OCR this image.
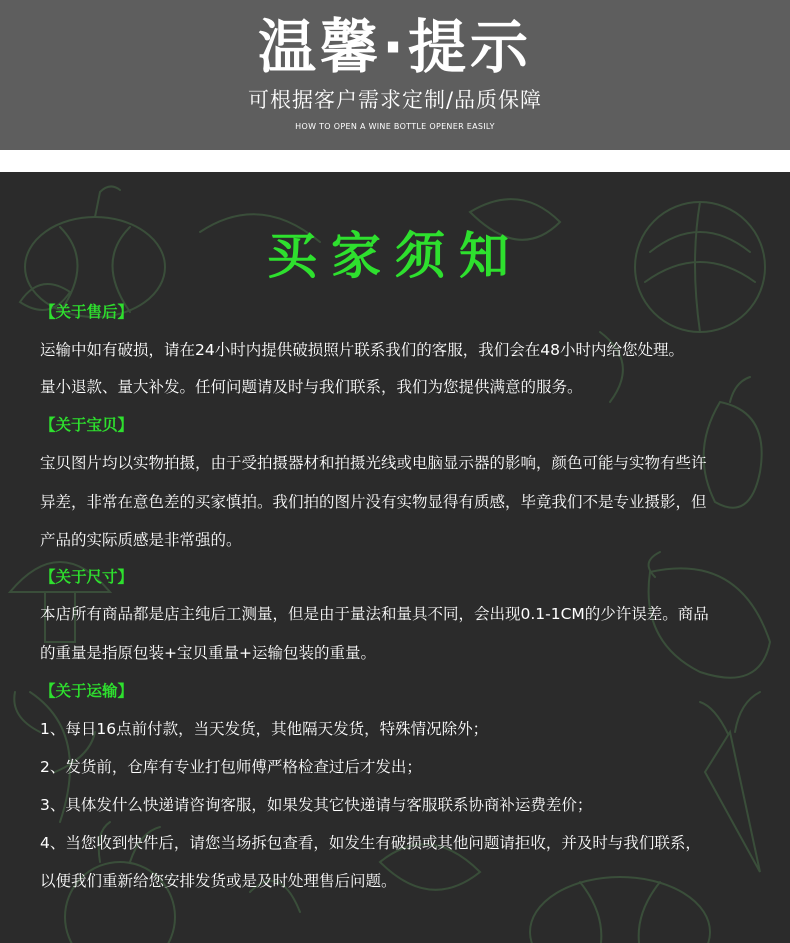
温馨·提示
可根据客户需求定制/品质保障
HOW TO OPEN A WINE BOTTLE OPENER EASILY
买家须知
【关于售后】
运输中如有破损，请在24小时内提供破损照片联系我们的客服，我们会在48小时内给您处理。
量小退款、量大补发。任何问题请及时与我们联系，我们为您提供满意的服务。
【关于宝贝】
宝贝图片均以实物拍摄，由于受拍摄器材和拍摄光线或电脑显示器的影响，颜色可能与实物有些许
异差，非常在意色差的买家慎拍。我们拍的图片没有实物显得有质感，毕竟我们不是专业摄影，但
产品的实际质感是非常强的。
【关于尺寸】
本店所有商品都是店主纯后工测量，但是由于量法和量具不同，会出现0.1-1CM的少许误差。商品
的重量是指原包装+宝贝重量+运输包装的重量。
【关于运输】
1、每日16点前付款，当天发货，其他隔天发货，特殊情况除外；
2、发货前，仓库有专业打包师傅严格检查过后才发出；
3、具体发什么快递请咨询客服，如果发其它快递请与客服联系协商补运费差价；
4、当您收到快件后，请您当场拆包查看，如发生有破损或其他问题请拒收，并及时与我们联系，
以便我们重新给您安排发货或是及时处理售后问题。
